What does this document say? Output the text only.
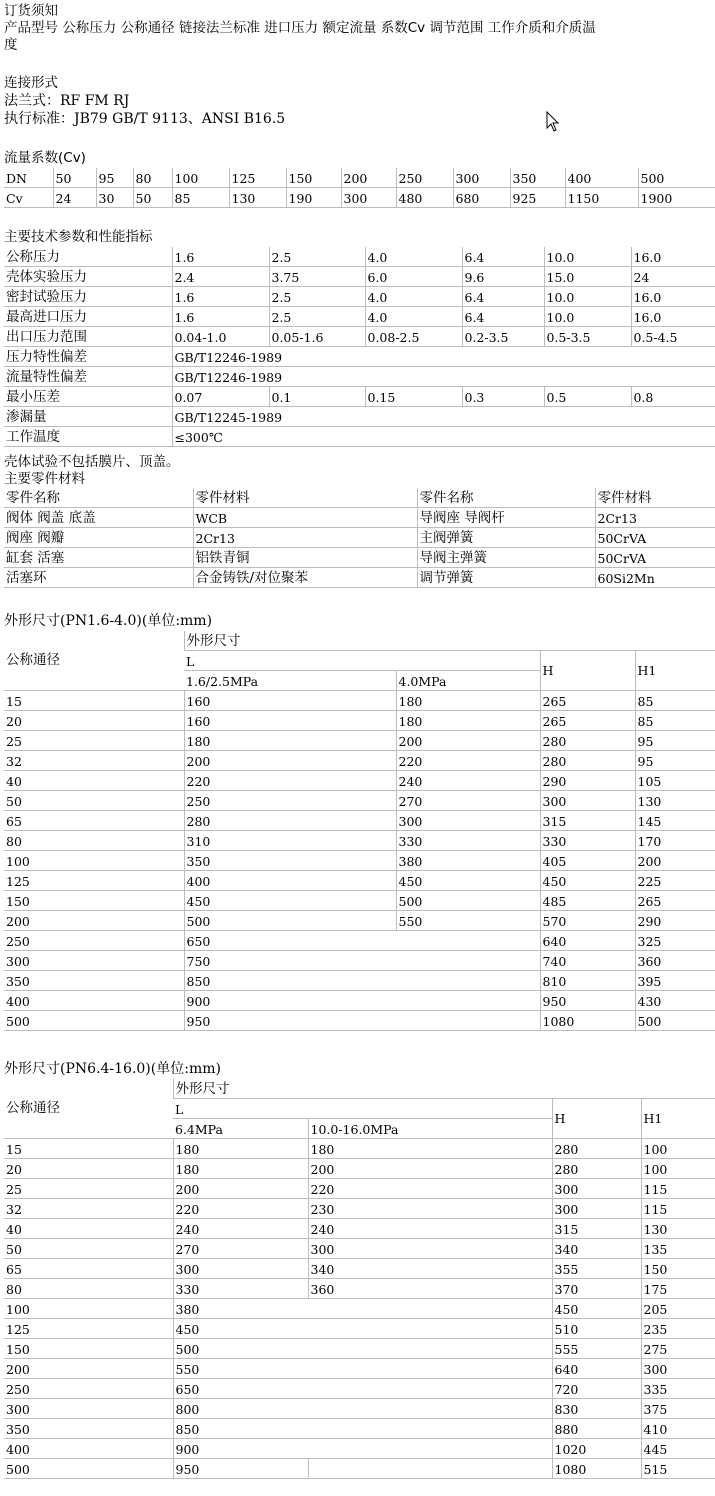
订货须知
产品型号 公称压力 公称通径 链接法兰标准 进口压力 额定流量 系数Cv 调节范围 工作介质和介质温
度
连接形式
法兰式：RF FM RJ
执行标准：JB79 GB/T 9113、ANSI B16.5
流量系数(Cv)
DN	50	95	80	100	125	150	200	250	300	350	400	500
Cv	24	30	50	85	130	190	300	480	680	925	1150	1900
主要技术参数和性能指标
公称压力	1.6	2.5	4.0	6.4	10.0	16.0
壳体实验压力	2.4	3.75	6.0	9.6	15.0	24
密封试验压力	1.6	2.5	4.0	6.4	10.0	16.0
最高进口压力	1.6	2.5	4.0	6.4	10.0	16.0
出口压力范围	0.04-1.0	0.05-1.6	0.08-2.5	0.2-3.5	0.5-3.5	0.5-4.5
压力特性偏差	GB/T12246-1989					
流量特性偏差	GB/T12246-1989					
最小压差	0.07	0.1	0.15	0.3	0.5	0.8
渗漏量	GB/T12245-1989					
工作温度	≤300℃					
壳体试验不包括膜片、顶盖。
主要零件材料
零件名称	零件材料	零件名称	零件材料
阀体 阀盖 底盖	WCB	导阀座 导阀杆	2Cr13
阀座 阀瓣	2Cr13	主阀弹簧	50CrVA
缸套 活塞	铝铁青铜	导阀主弹簧	50CrVA
活塞环	合金铸铁/对位聚苯	调节弹簧	60Si2Mn
外形尺寸(PN1.6-4.0)(单位:mm)
公称通径	外形尺寸			
	L		H	H1
	1.6/2.5MPa	4.0MPa		
15	160	180	265	85
20	160	180	265	85
25	180	200	280	95
32	200	220	280	95
40	220	240	290	105
50	250	270	300	130
65	280	300	315	145
80	310	330	330	170
100	350	380	405	200
125	400	450	450	225
150	450	500	485	265
200	500	550	570	290
250	650		640	325
300	750		740	360
350	850		810	395
400	900		950	430
500	950		1080	500
外形尺寸(PN6.4-16.0)(单位:mm)
公称通径	外形尺寸			
	L		H	H1
	6.4MPa	10.0-16.0MPa		
15	180	180	280	100
20	180	200	280	100
25	200	220	300	115
32	220	230	300	115
40	240	240	315	130
50	270	300	340	135
65	300	340	355	150
80	330	360	370	175
100	380		450	205
125	450		510	235
150	500		555	275
200	550		640	300
250	650		720	335
300	800		830	375
350	850		880	410
400	900		1020	445
500	950		1080	515
